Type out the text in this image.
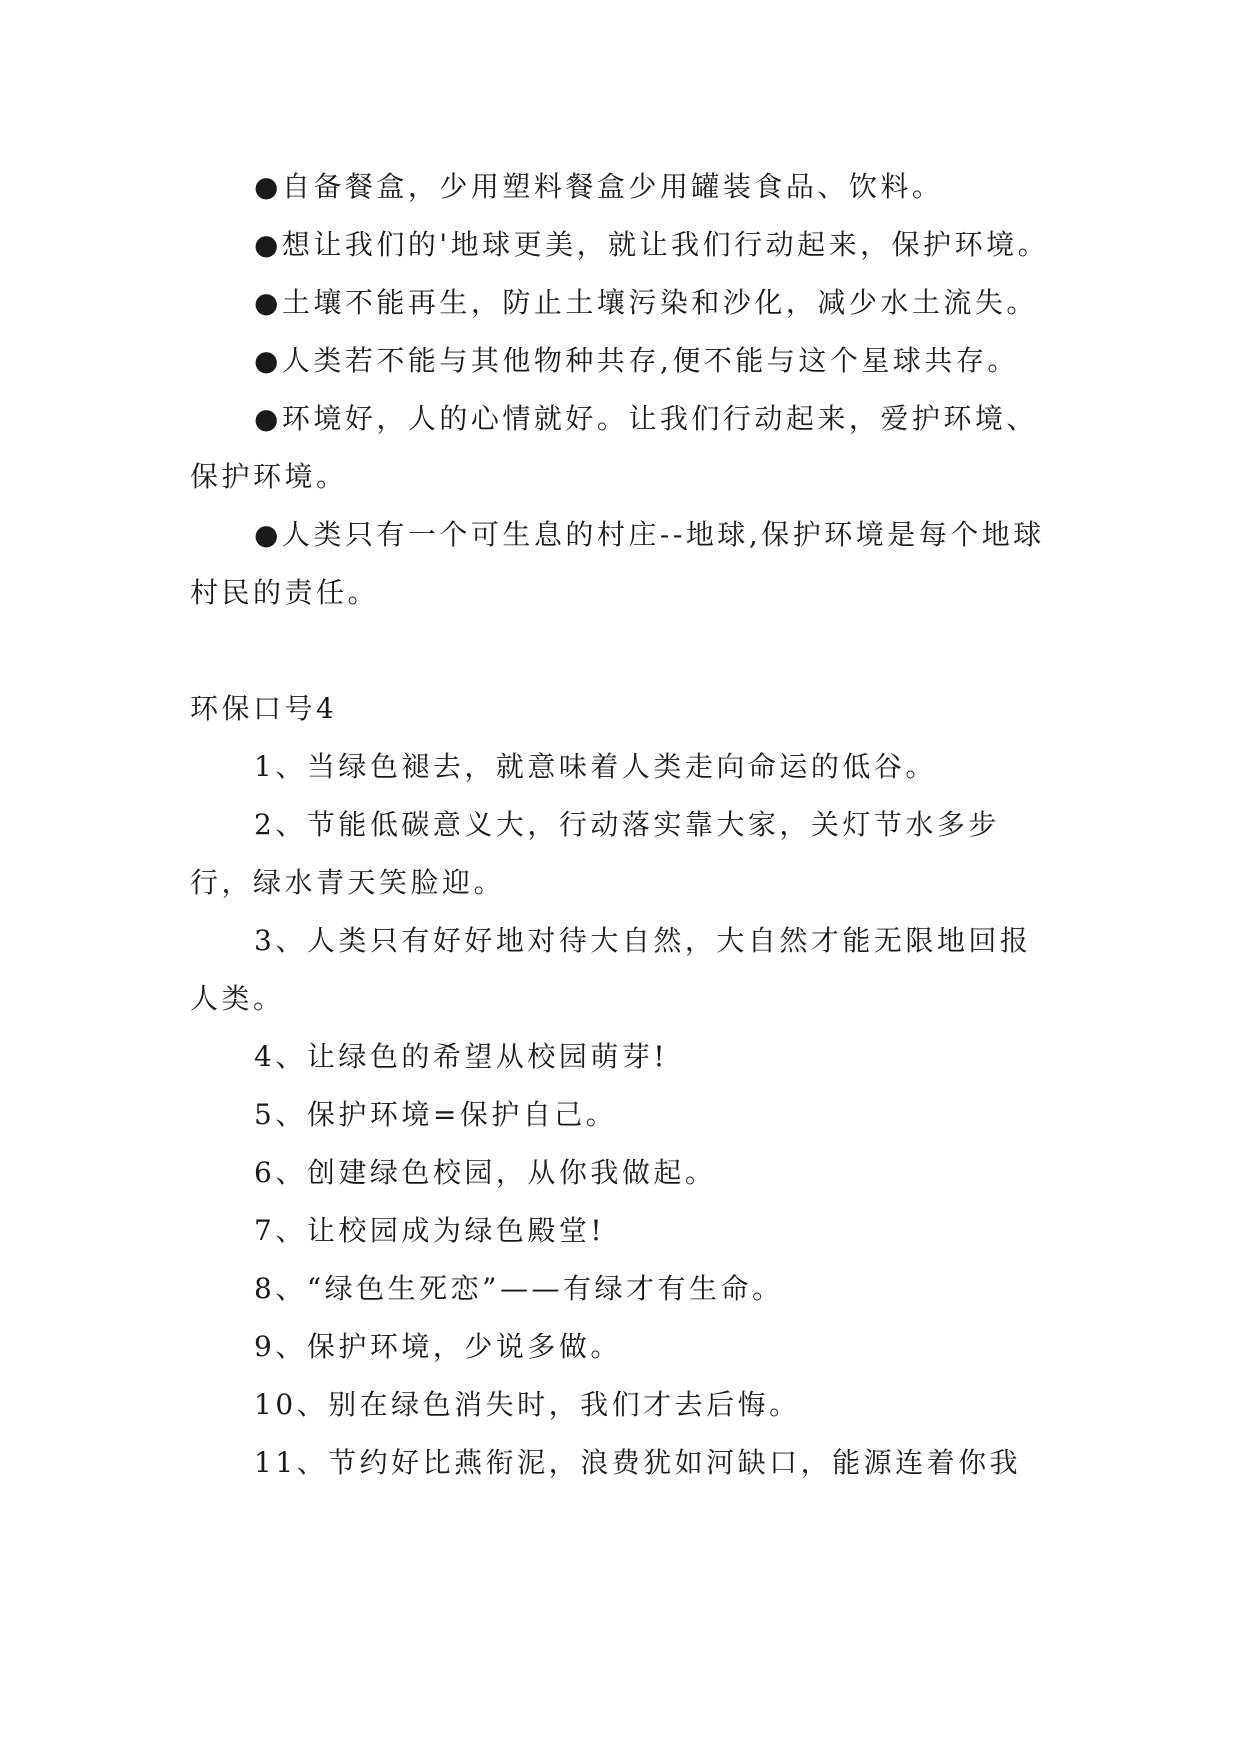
●自备餐盒，少用塑料餐盒少用罐装食品、饮料。

●想让我们的'地球更美，就让我们行动起来，保护环境。

●土壤不能再生，防止土壤污染和沙化，减少水土流失。

●人类若不能与其他物种共存,便不能与这个星球共存。

●环境好，人的心情就好。让我们行动起来，爱护环境、保护环境。

●人类只有一个可生息的村庄--地球,保护环境是每个地球村民的责任。

环保口号4

1、当绿色褪去，就意味着人类走向命运的低谷。

2、节能低碳意义大，行动落实靠大家，关灯节水多步行，绿水青天笑脸迎。

3、人类只有好好地对待大自然，大自然才能无限地回报人类。

4、让绿色的希望从校园萌芽!

5、保护环境=保护自己。

6、创建绿色校园，从你我做起。

7、让校园成为绿色殿堂!

8、“绿色生死恋”——有绿才有生命。

9、保护环境，少说多做。

10、别在绿色消失时，我们才去后悔。

11、节约好比燕衔泥，浪费犹如河缺口，能源连着你我
